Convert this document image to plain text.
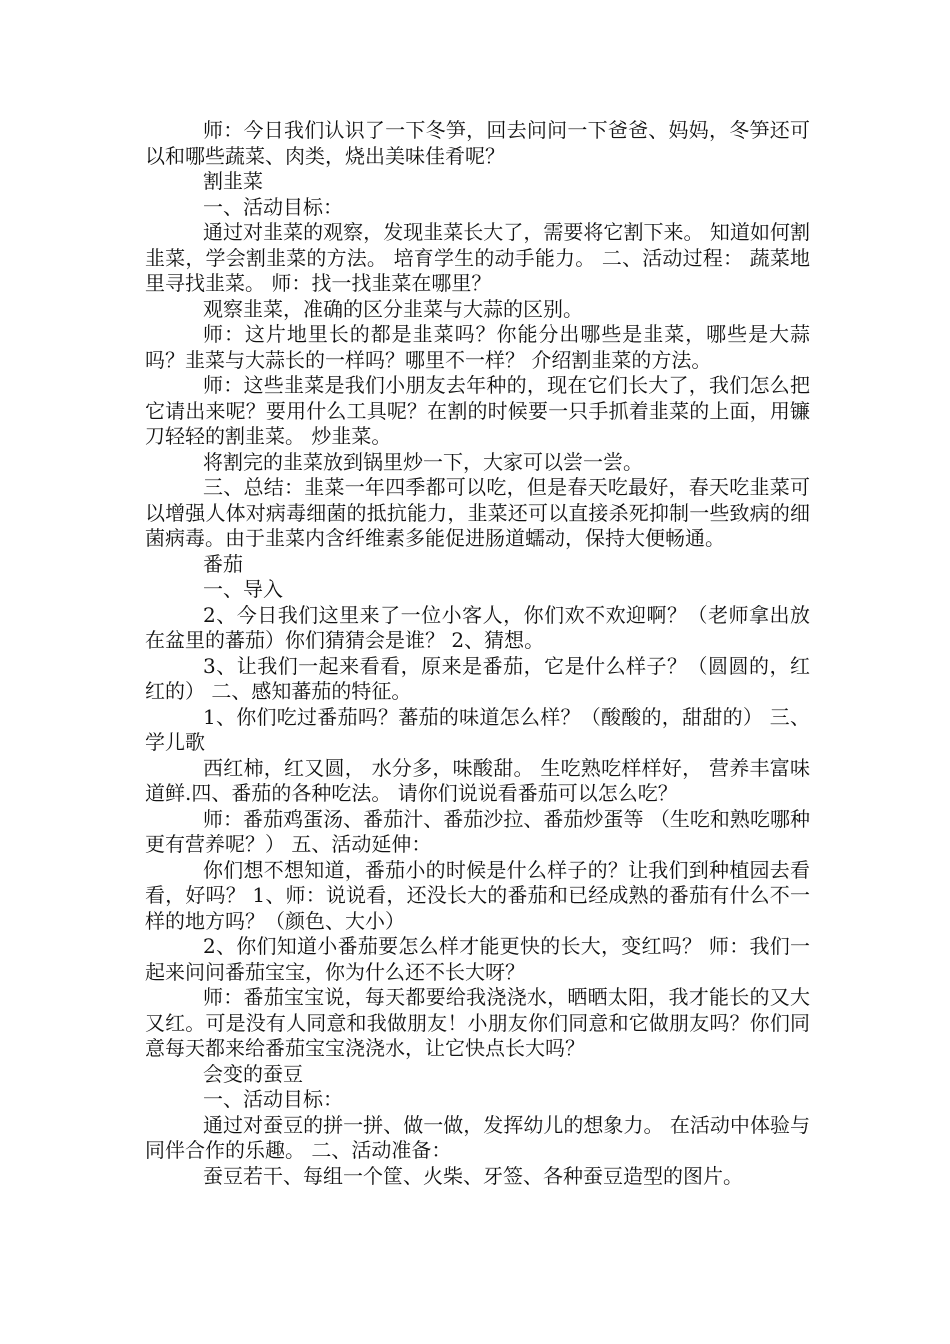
师：今日我们认识了一下冬笋，回去问问一下爸爸、妈妈，冬笋还可以和哪些蔬菜、肉类，烧出美味佳肴呢？

割韭菜

一、活动目标：

通过对韭菜的观察，发现韭菜长大了，需要将它割下来。 知道如何割韭菜，学会割韭菜的方法。 培育学生的动手能力。 二、活动过程： 蔬菜地里寻找韭菜。 师：找一找韭菜在哪里？

观察韭菜，准确的区分韭菜与大蒜的区别。

师：这片地里长的都是韭菜吗？你能分出哪些是韭菜，哪些是大蒜吗？韭菜与大蒜长的一样吗？哪里不一样？ 介绍割韭菜的方法。

师：这些韭菜是我们小朋友去年种的，现在它们长大了，我们怎么把它请出来呢？要用什么工具呢？在割的时候要一只手抓着韭菜的上面，用镰刀轻轻的割韭菜。 炒韭菜。

将割完的韭菜放到锅里炒一下，大家可以尝一尝。

三、总结：韭菜一年四季都可以吃，但是春天吃最好，春天吃韭菜可以增强人体对病毒细菌的抵抗能力，韭菜还可以直接杀死抑制一些致病的细菌病毒。由于韭菜内含纤维素多能促进肠道蠕动，保持大便畅通。

番茄

一、导入

2、今日我们这里来了一位小客人，你们欢不欢迎啊？（老师拿出放在盆里的蕃茄）你们猜猜会是谁？ 2、猜想。

3、让我们一起来看看，原来是番茄，它是什么样子？（圆圆的，红红的） 二、感知蕃茄的特征。

1、你们吃过番茄吗？蕃茄的味道怎么样？（酸酸的，甜甜的） 三、学儿歌

西红柿，红又圆， 水分多，味酸甜。 生吃熟吃样样好， 营养丰富味道鲜.四、番茄的各种吃法。 请你们说说看番茄可以怎么吃？

师：番茄鸡蛋汤、番茄汁、番茄沙拉、番茄炒蛋等 （生吃和熟吃哪种更有营养呢？） 五、活动延伸：

你们想不想知道，番茄小的时候是什么样子的？让我们到种植园去看看，好吗？ 1、师：说说看，还没长大的番茄和已经成熟的番茄有什么不一样的地方吗？（颜色、大小）

2、你们知道小番茄要怎么样才能更快的长大，变红吗？ 师：我们一起来问问番茄宝宝，你为什么还不长大呀？

师：番茄宝宝说，每天都要给我浇浇水，晒晒太阳，我才能长的又大又红。可是没有人同意和我做朋友！小朋友你们同意和它做朋友吗？你们同意每天都来给番茄宝宝浇浇水，让它快点长大吗？

会变的蚕豆

一、活动目标：

通过对蚕豆的拼一拼、做一做，发挥幼儿的想象力。 在活动中体验与同伴合作的乐趣。 二、活动准备：

蚕豆若干、每组一个筐、火柴、牙签、各种蚕豆造型的图片。
